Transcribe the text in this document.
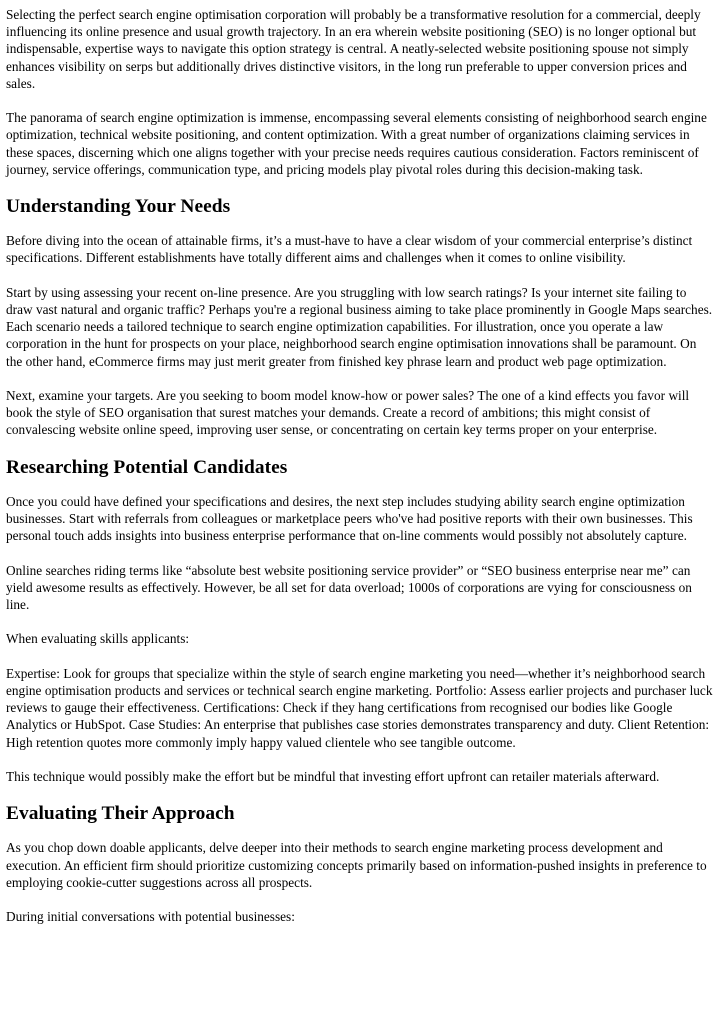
Selecting the perfect search engine optimisation corporation will probably be a transformative resolution for a commercial, deeply influencing its online presence and usual growth trajectory. In an era wherein website positioning (SEO) is no longer optional but indispensable, expertise ways to navigate this option strategy is central. A neatly-selected website positioning spouse not simply enhances visibility on serps but additionally drives distinctive visitors, in the long run preferable to upper conversion prices and sales.

The panorama of search engine optimization is immense, encompassing several elements consisting of neighborhood search engine optimization, technical website positioning, and content optimization. With a great number of organizations claiming services in these spaces, discerning which one aligns together with your precise needs requires cautious consideration. Factors reminiscent of journey, service offerings, communication type, and pricing models play pivotal roles during this decision-making task.

Understanding Your Needs

Before diving into the ocean of attainable firms, it’s a must-have to have a clear wisdom of your commercial enterprise’s distinct specifications. Different establishments have totally different aims and challenges when it comes to online visibility.

Start by using assessing your recent on-line presence. Are you struggling with low search ratings? Is your internet site failing to draw vast natural and organic traffic? Perhaps you're a regional business aiming to take place prominently in Google Maps searches. Each scenario needs a tailored technique to search engine optimization capabilities. For illustration, once you operate a law corporation in the hunt for prospects on your place, neighborhood search engine optimisation innovations shall be paramount. On the other hand, eCommerce firms may just merit greater from finished key phrase learn and product web page optimization.

Next, examine your targets. Are you seeking to boom model know-how or power sales? The one of a kind effects you favor will book the style of SEO organisation that surest matches your demands. Create a record of ambitions; this might consist of convalescing website online speed, improving user sense, or concentrating on certain key terms proper on your enterprise.

Researching Potential Candidates

Once you could have defined your specifications and desires, the next step includes studying ability search engine optimization businesses. Start with referrals from colleagues or marketplace peers who've had positive reports with their own businesses. This personal touch adds insights into business enterprise performance that on-line comments would possibly not absolutely capture.

Online searches riding terms like “absolute best website positioning service provider” or “SEO business enterprise near me” can yield awesome results as effectively. However, be all set for data overload; 1000s of corporations are vying for consciousness on line.

When evaluating skills applicants:

Expertise: Look for groups that specialize within the style of search engine marketing you need—whether it’s neighborhood search engine optimisation products and services or technical search engine marketing. Portfolio: Assess earlier projects and purchaser luck reviews to gauge their effectiveness. Certifications: Check if they hang certifications from recognised our bodies like Google Analytics or HubSpot. Case Studies: An enterprise that publishes case stories demonstrates transparency and duty. Client Retention: High retention quotes more commonly imply happy valued clientele who see tangible outcome.

This technique would possibly make the effort but be mindful that investing effort upfront can retailer materials afterward.

Evaluating Their Approach

As you chop down doable applicants, delve deeper into their methods to search engine marketing process development and execution. An efficient firm should prioritize customizing concepts primarily based on information-pushed insights in preference to employing cookie-cutter suggestions across all prospects.

During initial conversations with potential businesses:
